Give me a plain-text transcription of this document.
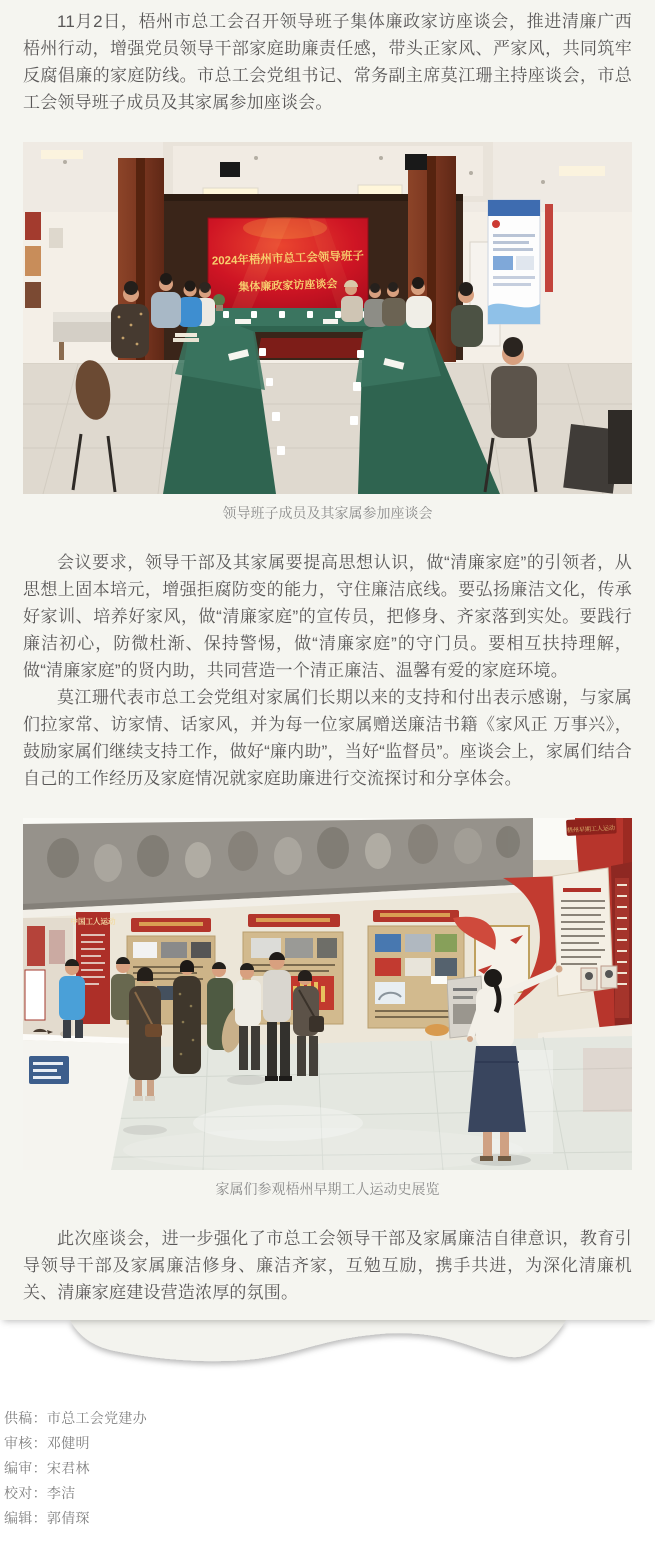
11月2日，梧州市总工会召开领导班子集体廉政家访座谈会，推进清廉广西梧州行动，增强党员领导干部家庭助廉责任感，带头正家风、严家风，共同筑牢反腐倡廉的家庭防线。市总工会党组书记、常务副主席莫江珊主持座谈会，市总工会领导班子成员及其家属参加座谈会。

2024年梧州市总工会领导班子
集体廉政家访座谈会
领导班子成员及其家属参加座谈会

会议要求，领导干部及其家属要提高思想认识，做“清廉家庭”的引领者，从思想上固本培元，增强拒腐防变的能力，守住廉洁底线。要弘扬廉洁文化，传承好家训、培养好家风，做“清廉家庭”的宣传员，把修身、齐家落到实处。要践行廉洁初心，防微杜渐、保持警惕，做“清廉家庭”的守门员。要相互扶持理解，做“清廉家庭”的贤内助，共同营造一个清正廉洁、温馨有爱的家庭环境。

莫江珊代表市总工会党组对家属们长期以来的支持和付出表示感谢，与家属们拉家常、访家情、话家风，并为每一位家属赠送廉洁书籍《家风正 万事兴》，鼓励家属们继续支持工作，做好“廉内助”，当好“监督员”。座谈会上，家属们结合自己的工作经历及家庭情况就家庭助廉进行交流探讨和分享体会。

梧州早期工人运动
中国工人运动
家属们参观梧州早期工人运动史展览

此次座谈会，进一步强化了市总工会领导干部及家属廉洁自律意识，教育引导领导干部及家属廉洁修身、廉洁齐家，互勉互励，携手共进，为深化清廉机关、清廉家庭建设营造浓厚的氛围。

供稿：市总工会党建办
审核：邓健明
编审：宋君林
校对：李洁
编辑：郭倩琛
